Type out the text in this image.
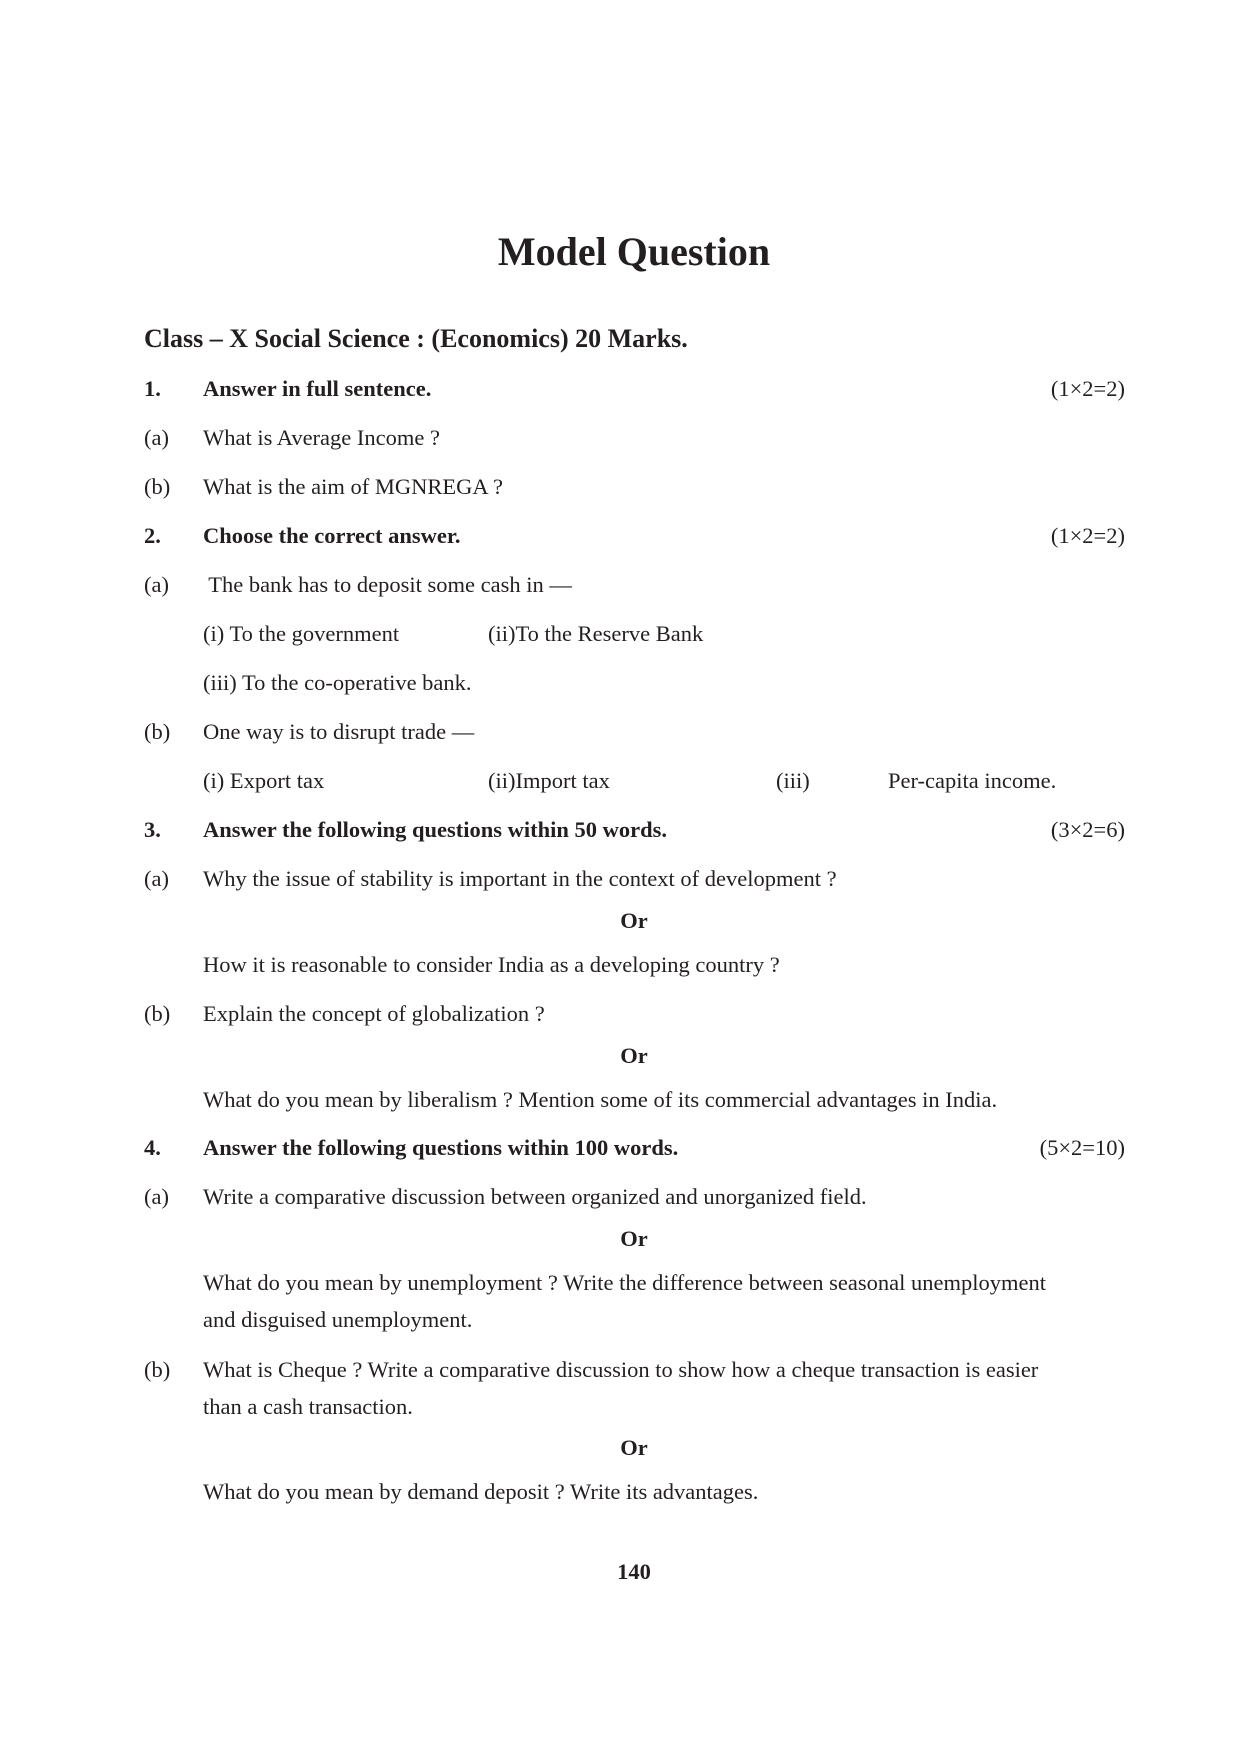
Model Question
Class – X Social Science : (Economics) 20 Marks.
1. Answer in full sentence.	(1×2=2)
(a) What is Average Income ?
(b) What is the aim of MGNREGA ?
2. Choose the correct answer.	(1×2=2)
(a) The bank has to deposit some cash in —
(i) To the government	(ii)To the Reserve Bank
(iii) To the co-operative bank.
(b) One way is to disrupt trade —
(i) Export tax	(ii)Import tax	(iii)	Per-capita income.
3. Answer the following questions within 50 words.	(3×2=6)
(a) Why the issue of stability is important in the context of development ?
Or
How it is reasonable to consider India as a developing country ?
(b) Explain the concept of globalization ?
Or
What do you mean by liberalism ? Mention some of its commercial advantages in India.
4. Answer the following questions within 100 words.	(5×2=10)
(a) Write a comparative discussion between organized and unorganized field.
Or
What do you mean by unemployment ? Write the difference between seasonal unemployment
and disguised unemployment.
(b) What is Cheque ? Write a comparative discussion to show how a cheque transaction is easier
than a cash transaction.
Or
What do you mean by demand deposit ? Write its advantages.
140
